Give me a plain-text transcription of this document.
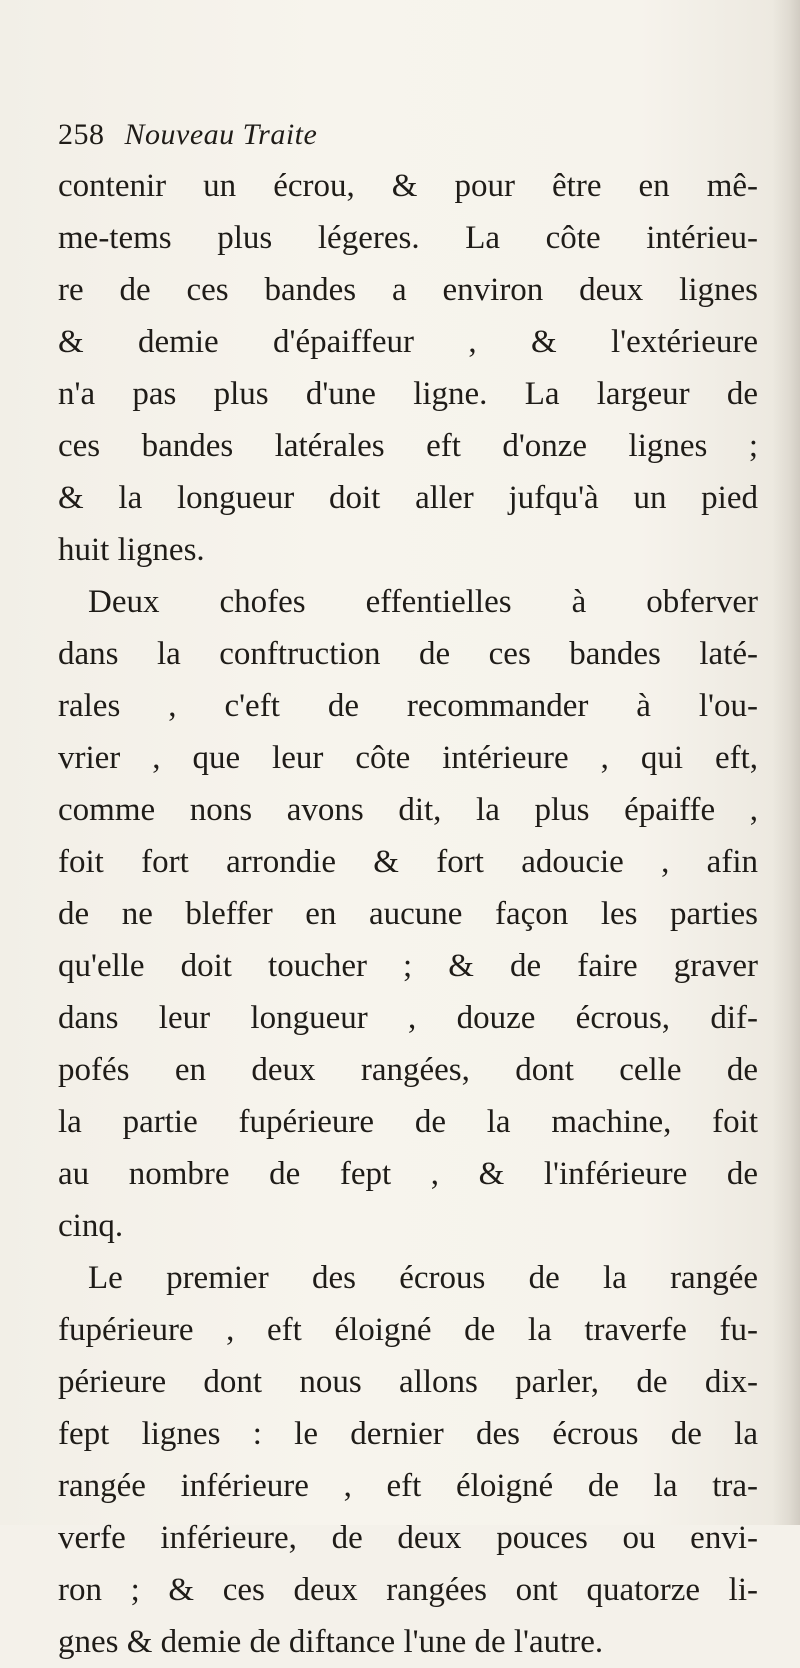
258 Nouveau Traite
contenir un écrou, & pour être en mê-
me-tems plus légeres. La côte intérieu-
re de ces bandes a environ deux lignes
& demie d'épaiffeur , & l'extérieure
n'a pas plus d'une ligne. La largeur de
ces bandes latérales eft d'onze lignes ;
& la longueur doit aller jufqu'à un pied
huit lignes.
Deux chofes effentielles à obferver
dans la conftruction de ces bandes laté-
rales , c'eft de recommander à l'ou-
vrier , que leur côte intérieure , qui eft,
comme nons avons dit, la plus épaiffe ,
foit fort arrondie & fort adoucie , afin
de ne bleffer en aucune façon les parties
qu'elle doit toucher ; & de faire graver
dans leur longueur , douze écrous, dif-
pofés en deux rangées, dont celle de
la partie fupérieure de la machine, foit
au nombre de fept , & l'inférieure de
cinq.
Le premier des écrous de la rangée
fupérieure , eft éloigné de la traverfe fu-
périeure dont nous allons parler, de dix-
fept lignes : le dernier des écrous de la
rangée inférieure , eft éloigné de la tra-
verfe inférieure, de deux pouces ou envi-
ron ; & ces deux rangées ont quatorze li-
gnes & demie de diftance l'une de l'autre.
